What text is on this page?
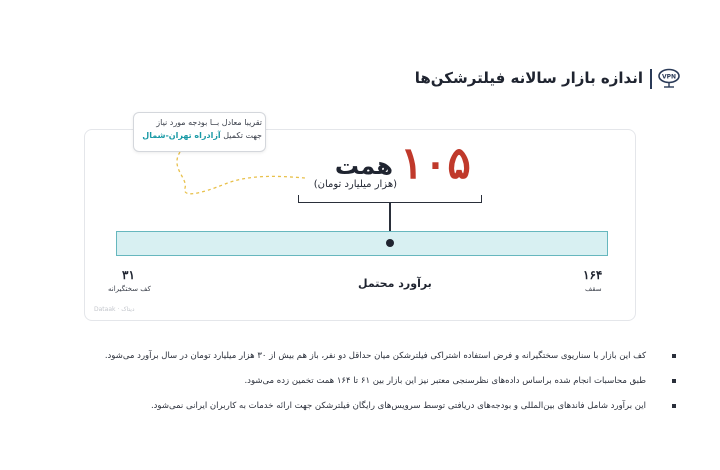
اندازه بازار سالانه فیلترشکن‌ها	VPN
تقریبا معادل بــا بودجه مورد نیاز
جهت تکمیل آزادراه تهران-شمال
۱۰۵
همت
(هزار میلیارد تومان)
۳۱
کف سختگیرانه
۱۶۴
سقف
برآورد محتمل
Dataak · دیتاک
کف این بازار با سناریوی سختگیرانه و فرض استفاده اشتراکی فیلترشکن میان حداقل دو نفر، باز هم بیش از ۳۰ هزار میلیارد تومان در سال برآورد می‌شود.
طبق محاسبات انجام شده براساس داده‌های نظرسنجی معتبر نیز این بازار بین ۶۱ تا ۱۶۴ همت تخمین زده می‌شود.
این برآورد شامل فاندهای بین‌المللی و بودجه‌های دریافتی توسط سرویس‌های رایگان فیلترشکن جهت ارائه خدمات به کاربران ایرانی نمی‌شود.
